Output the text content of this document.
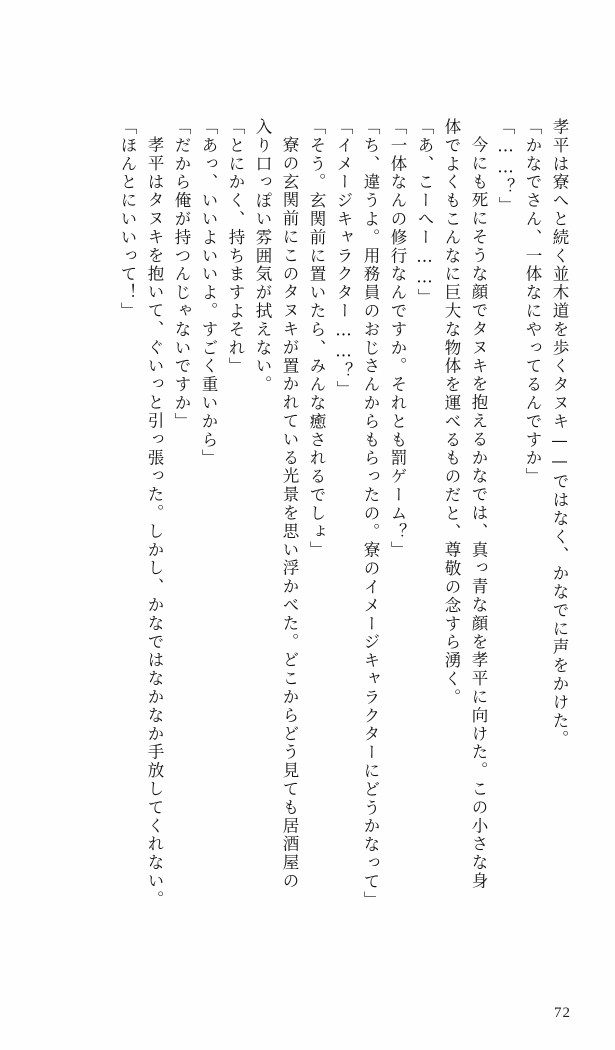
孝平は寮へと続く並木道を歩くタヌキ——ではなく、かなでに声をかけた。
「かなでさん、一体なにやってるんですか」
「……？」
今にも死にそうな顔でタヌキを抱えるかなでは、真っ青な顔を孝平に向けた。この小さな身
体でよくもこんなに巨大な物体を運べるものだと、尊敬の念すら湧く。
「あ、こーへー……」
「一体なんの修行なんですか。それとも罰ゲーム？」
「ち、違うよ。用務員のおじさんからもらったの。寮のイメージキャラクターにどうかなって」
「イメージキャラクター……？」
「そう。玄関前に置いたら、みんな癒されるでしょ」
寮の玄関前にこのタヌキが置かれている光景を思い浮かべた。どこからどう見ても居酒屋の
入り口っぽい雰囲気が拭えない。
「とにかく、持ちますよそれ」
「あっ、いいよいいよ。すごく重いから」
「だから俺が持つんじゃないですか」
孝平はタヌキを抱いて、ぐいっと引っ張った。しかし、かなではなかなか手放してくれない。
「ほんとにいいって！」
72
